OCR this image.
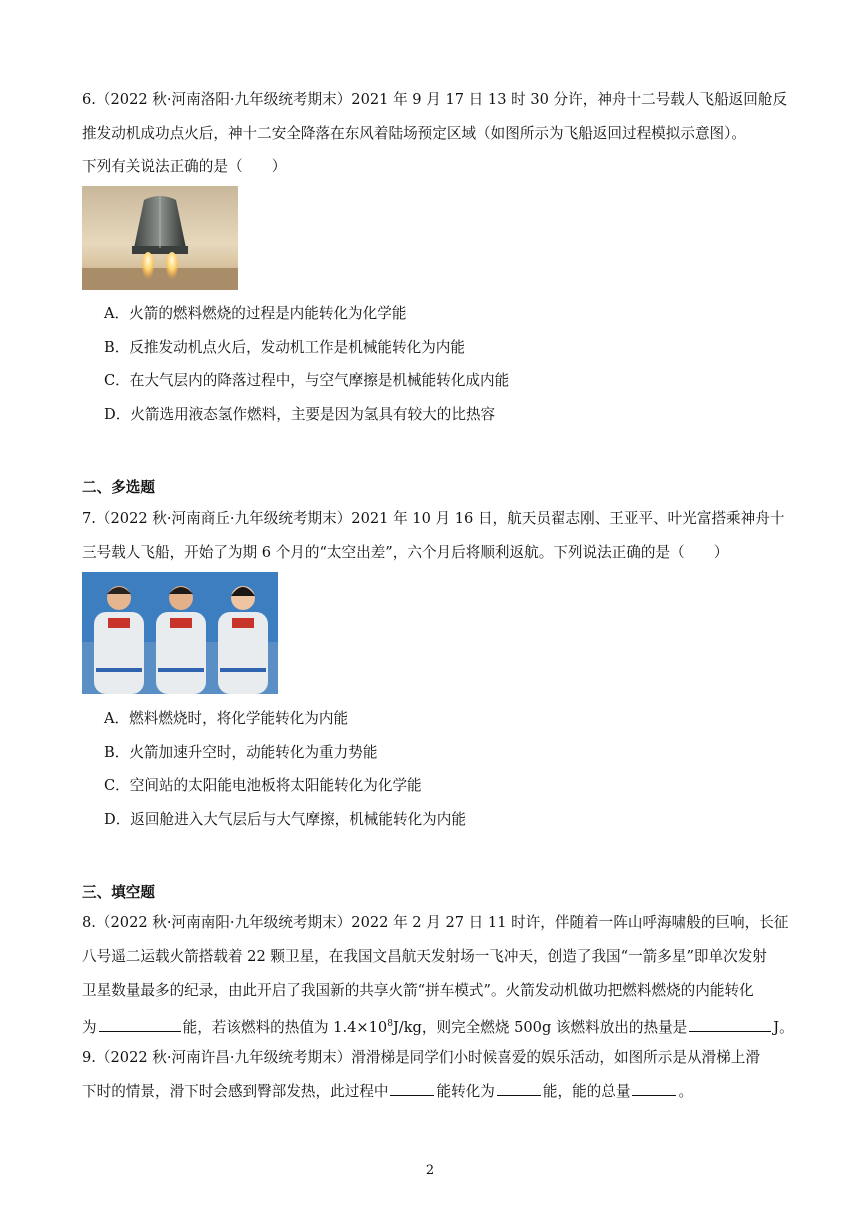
6.（2022 秋·河南洛阳·九年级统考期末）2021 年 9 月 17 日 13 时 30 分许，神舟十二号载人飞船返回舱反
推发动机成功点火后，神十二安全降落在东风着陆场预定区域（如图所示为飞船返回过程模拟示意图）。
下列有关说法正确的是（　　）
A．火箭的燃料燃烧的过程是内能转化为化学能
B．反推发动机点火后，发动机工作是机械能转化为内能
C．在大气层内的降落过程中，与空气摩擦是机械能转化成内能
D．火箭选用液态氢作燃料，主要是因为氢具有较大的比热容
二、多选题
7.（2022 秋·河南商丘·九年级统考期末）2021 年 10 月 16 日，航天员翟志刚、王亚平、叶光富搭乘神舟十
三号载人飞船，开始了为期 6 个月的“太空出差”，六个月后将顺利返航。下列说法正确的是（　　）
A．燃料燃烧时，将化学能转化为内能
B．火箭加速升空时，动能转化为重力势能
C．空间站的太阳能电池板将太阳能转化为化学能
D．返回舱进入大气层后与大气摩擦，机械能转化为内能
三、填空题
8.（2022 秋·河南南阳·九年级统考期末）2022 年 2 月 27 日 11 时许，伴随着一阵山呼海啸般的巨响，长征
八号遥二运载火箭搭载着 22 颗卫星，在我国文昌航天发射场一飞冲天，创造了我国“一箭多星”即单次发射
卫星数量最多的纪录，由此开启了我国新的共享火箭“拼车模式”。火箭发动机做功把燃料燃烧的内能转化
为	能，若该燃料的热值为 $1.4\times 10^8J/kg$，则完全燃烧 500g 该燃料放出的热量是	J。
9.（2022 秋·河南许昌·九年级统考期末）滑滑梯是同学们小时候喜爱的娱乐活动，如图所示是从滑梯上滑
下时的情景，滑下时会感到臀部发热，此过程中	能转化为	能，能的总量	。
2
